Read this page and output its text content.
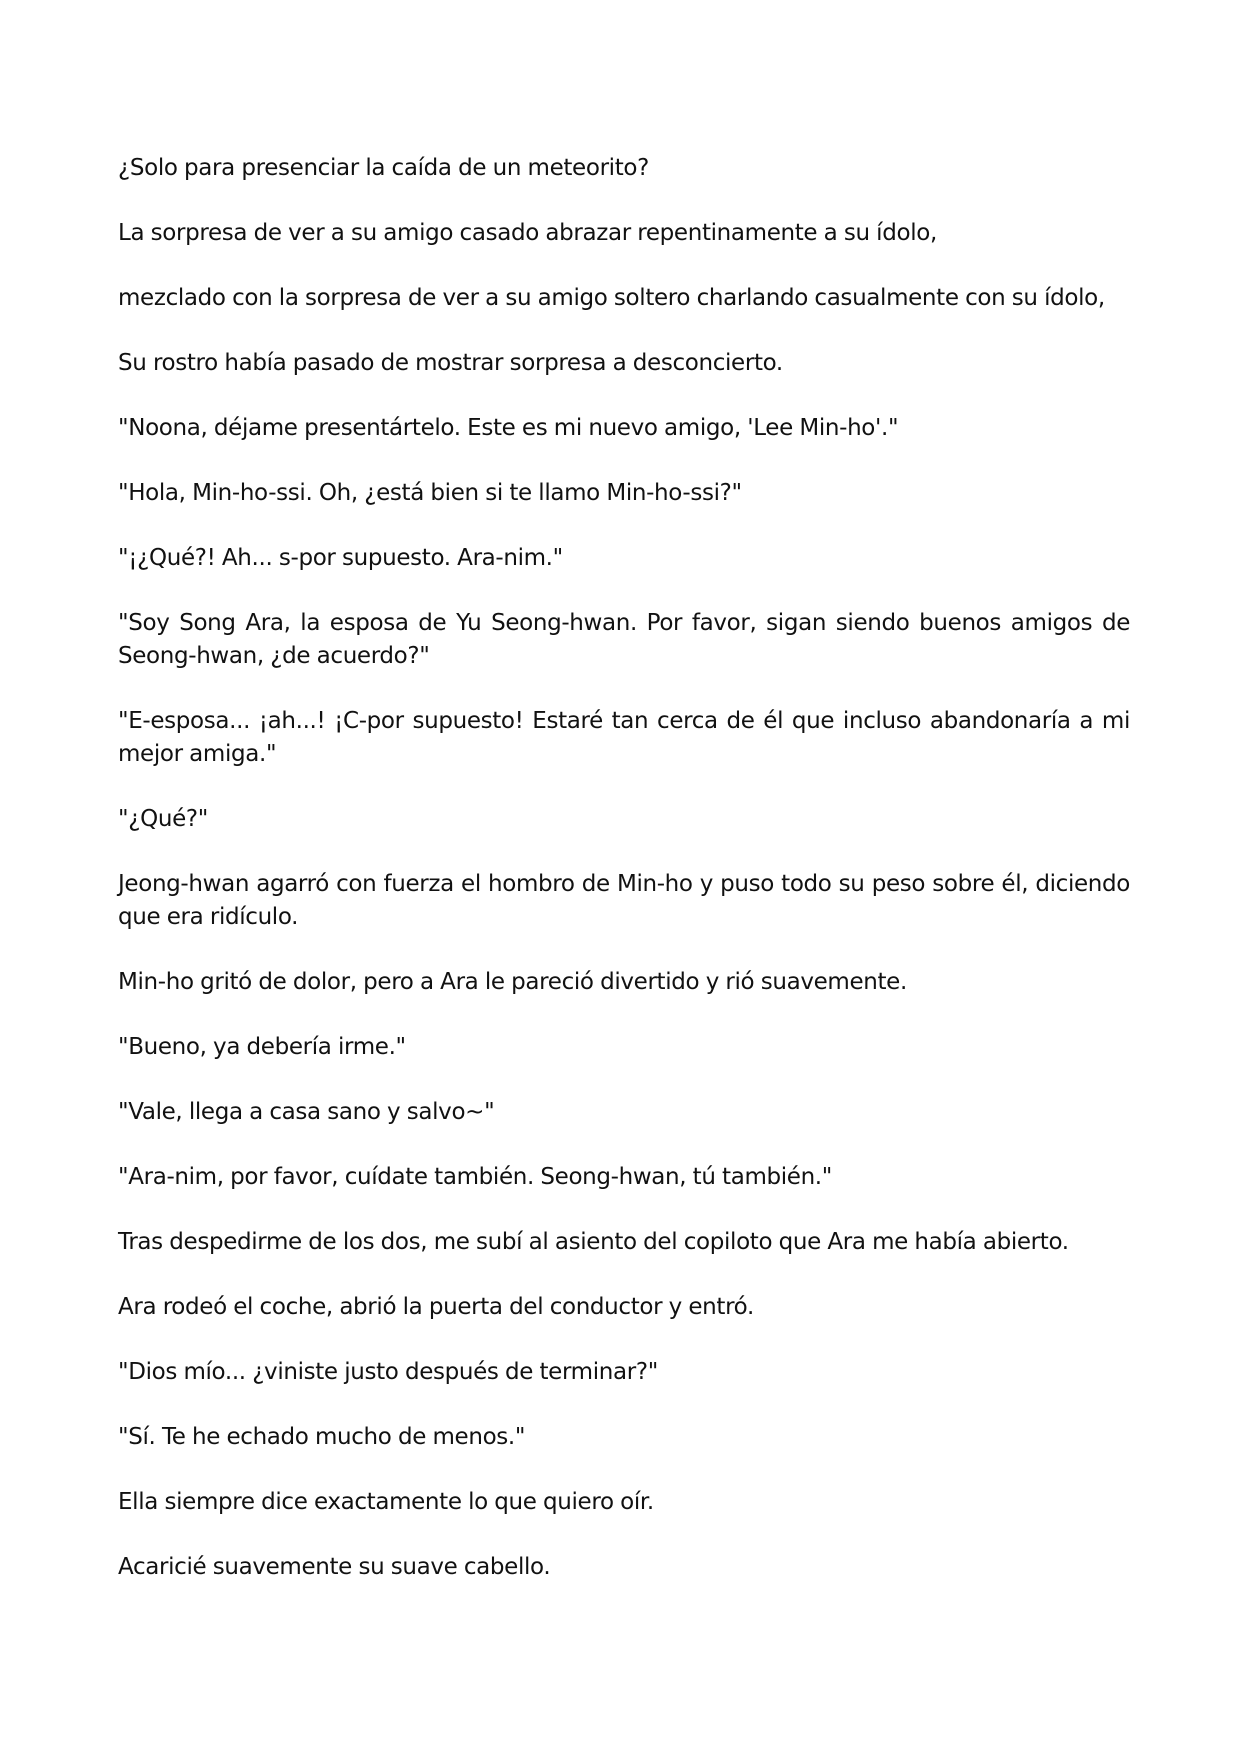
¿Solo para presenciar la caída de un meteorito?

La sorpresa de ver a su amigo casado abrazar repentinamente a su ídolo,

mezclado con la sorpresa de ver a su amigo soltero charlando casualmente con su ídolo,

Su rostro había pasado de mostrar sorpresa a desconcierto.

"Noona, déjame presentártelo. Este es mi nuevo amigo, 'Lee Min-ho'."

"Hola, Min-ho-ssi. Oh, ¿está bien si te llamo Min-ho-ssi?"

"¡¿Qué?! Ah... s-por supuesto. Ara-nim."

"Soy Song Ara, la esposa de Yu Seong-hwan. Por favor, sigan siendo buenos amigos de Seong-hwan, ¿de acuerdo?"

"E-esposa... ¡ah...! ¡C-por supuesto! Estaré tan cerca de él que incluso abandonaría a mi mejor amiga."

"¿Qué?"

Jeong-hwan agarró con fuerza el hombro de Min-ho y puso todo su peso sobre él, diciendo que era ridículo.

Min-ho gritó de dolor, pero a Ara le pareció divertido y rió suavemente.

"Bueno, ya debería irme."

"Vale, llega a casa sano y salvo~"

"Ara-nim, por favor, cuídate también. Seong-hwan, tú también."

Tras despedirme de los dos, me subí al asiento del copiloto que Ara me había abierto.

Ara rodeó el coche, abrió la puerta del conductor y entró.

"Dios mío... ¿viniste justo después de terminar?"

"Sí. Te he echado mucho de menos."

Ella siempre dice exactamente lo que quiero oír.

Acaricié suavemente su suave cabello.
